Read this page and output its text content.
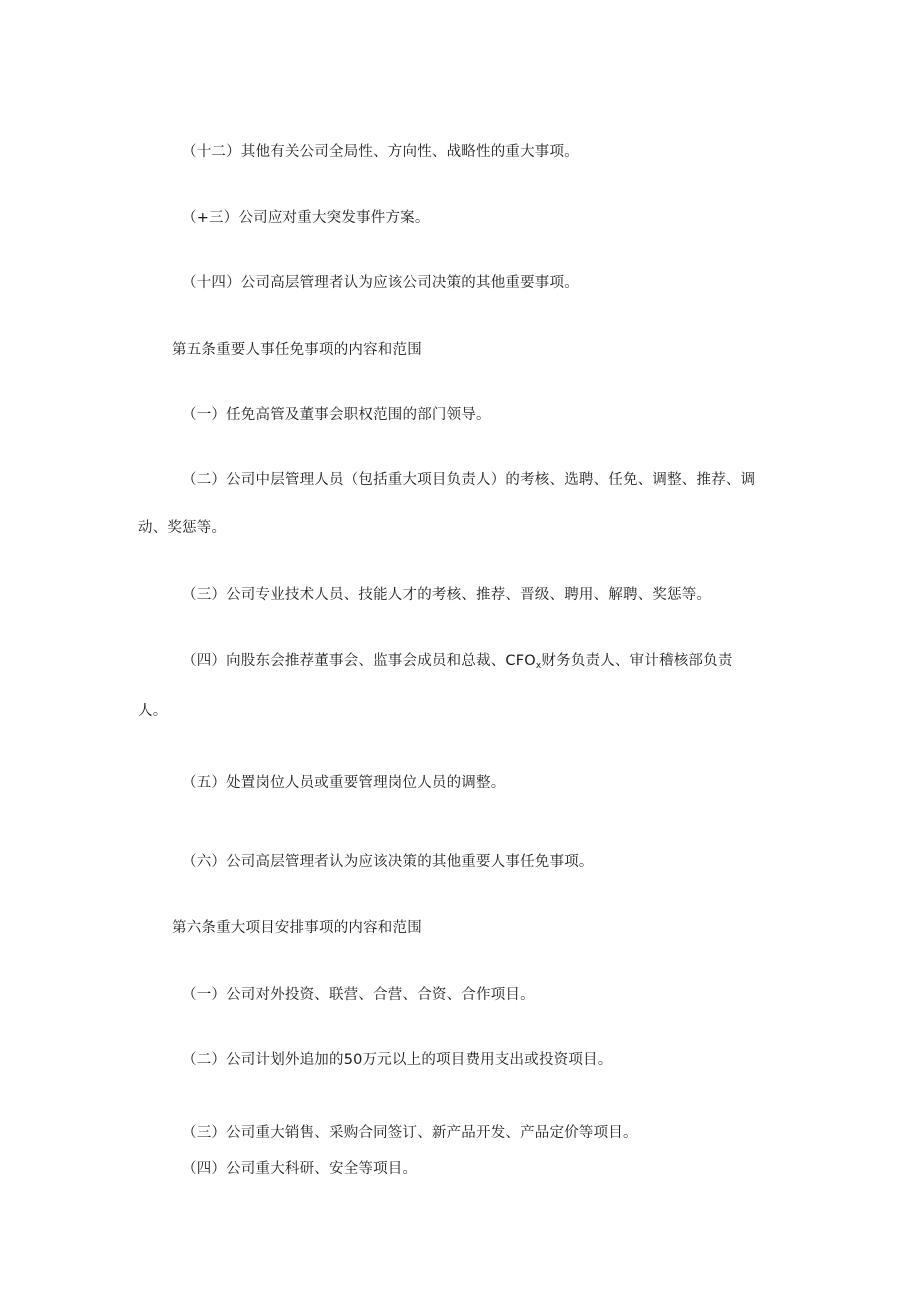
（十二）其他有关公司全局性、方向性、战略性的重大事项。
（+三）公司应对重大突发事件方案。
（十四）公司高层管理者认为应该公司决策的其他重要事项。
第五条重要人事任免事项的内容和范围
（一）任免高管及董事会职权范围的部门领导。
（二）公司中层管理人员（包括重大项目负责人）的考核、选聘、任免、调整、推荐、调
动、奖惩等。
（三）公司专业技术人员、技能人才的考核、推荐、晋级、聘用、解聘、奖惩等。
（四）向股东会推荐董事会、监事会成员和总裁、$CFO_x$财务负责人、审计稽核部负责
人。
（五）处置岗位人员或重要管理岗位人员的调整。
（六）公司高层管理者认为应该决策的其他重要人事任免事项。
第六条重大项目安排事项的内容和范围
（一）公司对外投资、联营、合营、合资、合作项目。
（二）公司计划外追加的50万元以上的项目费用支出或投资项目。
（三）公司重大销售、采购合同签订、新产品开发、产品定价等项目。
（四）公司重大科研、安全等项目。
